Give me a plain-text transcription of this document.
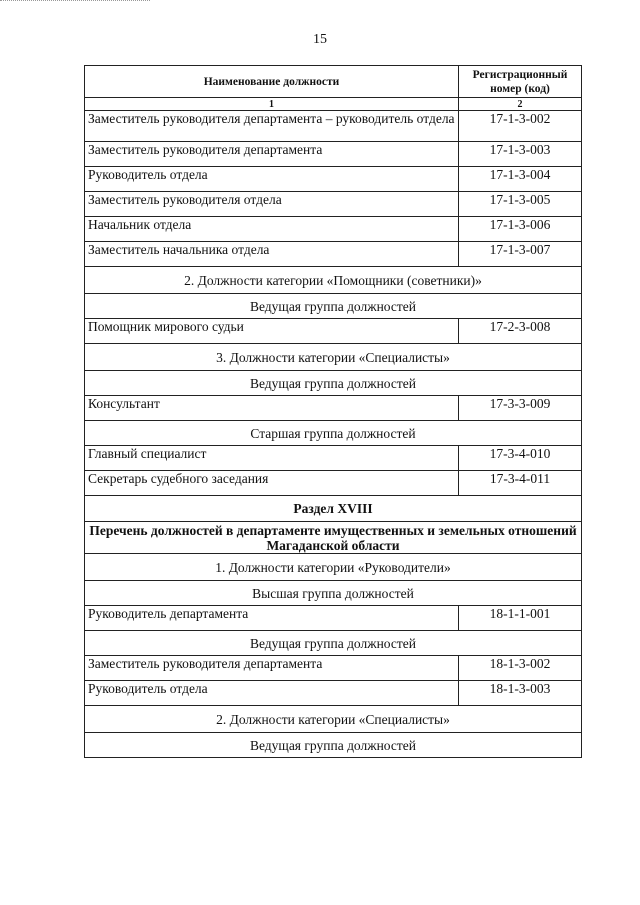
15
Наименование должности	Регистрационный номер (код)
1	2
Заместитель руководителя департамента – руководитель отдела	17-1-3-002
Заместитель руководителя департамента	17-1-3-003
Руководитель отдела	17-1-3-004
Заместитель руководителя отдела	17-1-3-005
Начальник отдела	17-1-3-006
Заместитель начальника отдела	17-1-3-007
2. Должности категории «Помощники (советники)»	
Ведущая группа должностей	
Помощник мирового судьи	17-2-3-008
3. Должности категории «Специалисты»	
Ведущая группа должностей	
Консультант	17-3-3-009
Старшая группа должностей	
Главный специалист	17-3-4-010
Секретарь судебного заседания	17-3-4-011
Раздел XVIII	
Перечень должностей в департаменте имущественных и земельных отношений Магаданской области	
1. Должности категории «Руководители»	
Высшая группа должностей	
Руководитель департамента	18-1-1-001
Ведущая группа должностей	
Заместитель руководителя департамента	18-1-3-002
Руководитель отдела	18-1-3-003
2. Должности категории «Специалисты»	
Ведущая группа должностей	
